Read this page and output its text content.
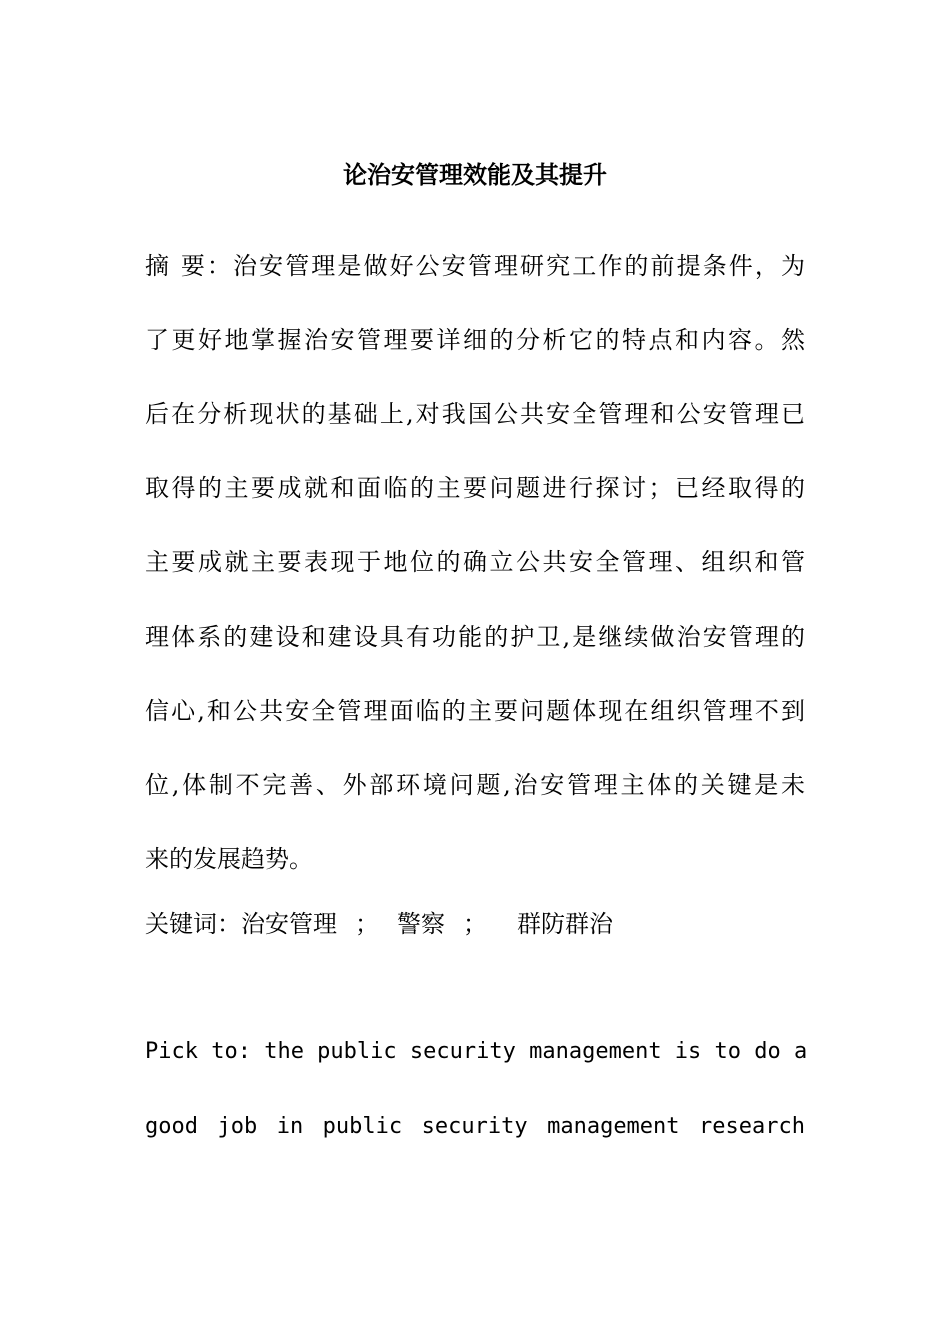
论治安管理效能及其提升
摘 要：治安管理是做好公安管理研究工作的前提条件，为
了更好地掌握治安管理要详细的分析它的特点和内容。然
后在分析现状的基础上,对我国公共安全管理和公安管理已
取得的主要成就和面临的主要问题进行探讨；已经取得的
主要成就主要表现于地位的确立公共安全管理、组织和管
理体系的建设和建设具有功能的护卫,是继续做治安管理的
信心,和公共安全管理面临的主要问题体现在组织管理不到
位,体制不完善、外部环境问题,治安管理主体的关键是未
来的发展趋势。
关键词： 治安管理 ； 警察 ；	群防群治
Pick to: the public security management is to do a
good job in public security management research
